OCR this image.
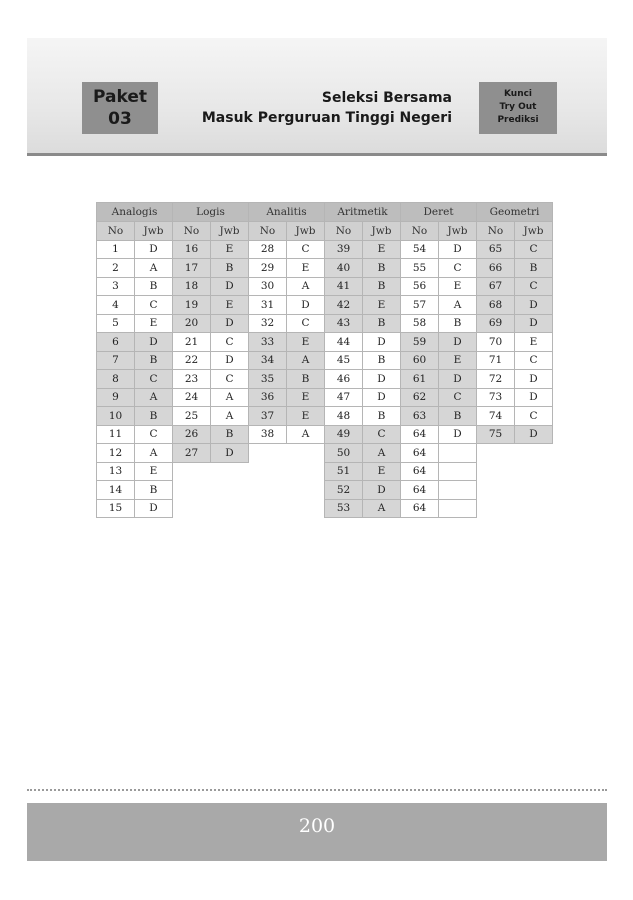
Paket
03
Seleksi Bersama
Masuk Perguruan Tinggi Negeri
Kunci
Try Out
Prediksi
Analogis		Logis		Analitis		Aritmetik		Deret		Geometri	
No	Jwb	No	Jwb	No	Jwb	No	Jwb	No	Jwb	No	Jwb
1	D	16	E	28	C	39	E	54	D	65	C
2	A	17	B	29	E	40	B	55	C	66	B
3	B	18	D	30	A	41	B	56	E	67	C
4	C	19	E	31	D	42	E	57	A	68	D
5	E	20	D	32	C	43	B	58	B	69	D
6	D	21	C	33	E	44	D	59	D	70	E
7	B	22	D	34	A	45	B	60	E	71	C
8	C	23	C	35	B	46	D	61	D	72	D
9	A	24	A	36	E	47	D	62	C	73	D
10	B	25	A	37	E	48	B	63	B	74	C
11	C	26	B	38	A	49	C	64	D	75	D
12	A	27	D			50	A	64			
13	E					51	E	64			
14	B					52	D	64			
15	D					53	A	64			
200
